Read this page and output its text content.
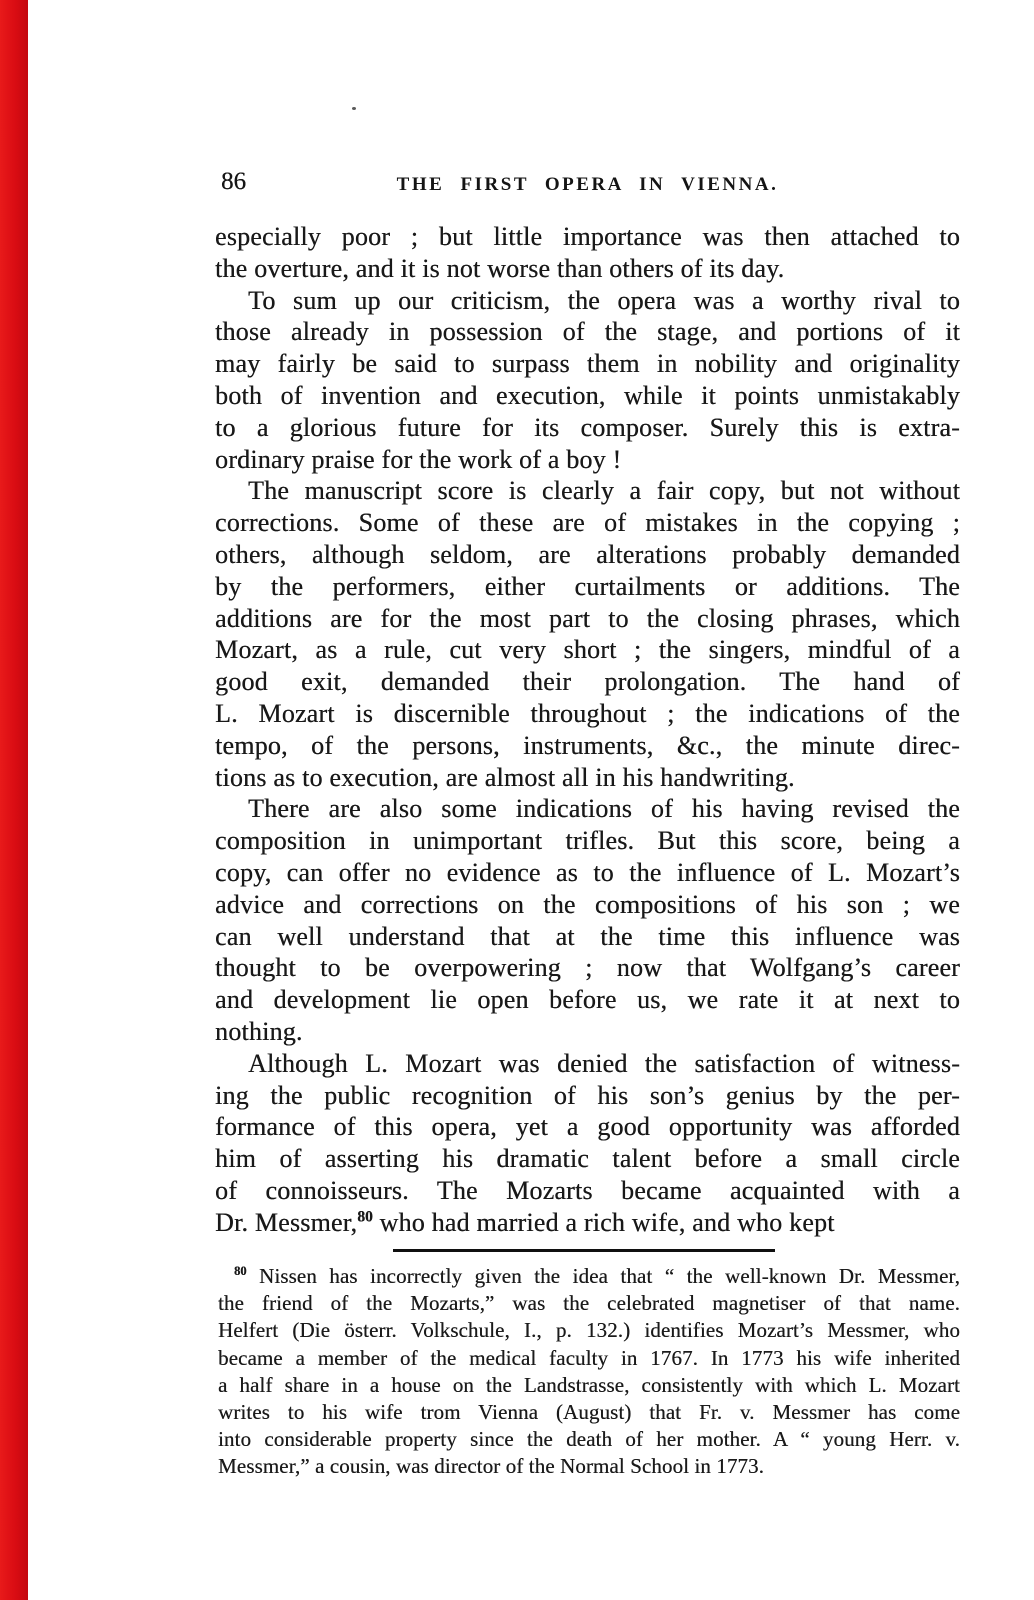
86	THE FIRST OPERA IN VIENNA.
especially poor ; but little importance was then attached to
the overture, and it is not worse than others of its day.
To sum up our criticism, the opera was a worthy rival to
those already in possession of the stage, and portions of it
may fairly be said to surpass them in nobility and originality
both of invention and execution, while it points unmistakably
to a glorious future for its composer. Surely this is extra-
ordinary praise for the work of a boy !
The manuscript score is clearly a fair copy, but not without
corrections. Some of these are of mistakes in the copying ;
others, although seldom, are alterations probably demanded
by the performers, either curtailments or additions. The
additions are for the most part to the closing phrases, which
Mozart, as a rule, cut very short ; the singers, mindful of a
good exit, demanded their prolongation. The hand of
L. Mozart is discernible throughout ; the indications of the
tempo, of the persons, instruments, &c., the minute direc-
tions as to execution, are almost all in his handwriting.
There are also some indications of his having revised the
composition in unimportant trifles. But this score, being a
copy, can offer no evidence as to the influence of L. Mozart’s
advice and corrections on the compositions of his son ; we
can well understand that at the time this influence was
thought to be overpowering ; now that Wolfgang’s career
and development lie open before us, we rate it at next to
nothing.
Although L. Mozart was denied the satisfaction of witness-
ing the public recognition of his son’s genius by the per-
formance of this opera, yet a good opportunity was afforded
him of asserting his dramatic talent before a small circle
of connoisseurs. The Mozarts became acquainted with a
Dr. Messmer,$^{80}$ who had married a rich wife, and who kept
$^{80}$ Nissen has incorrectly given the idea that “ the well-known Dr. Messmer,
the friend of the Mozarts,” was the celebrated magnetiser of that name.
Helfert (Die österr. Volkschule, I., p. 132.) identifies Mozart’s Messmer, who
became a member of the medical faculty in 1767. In 1773 his wife inherited
a half share in a house on the Landstrasse, consistently with which L. Mozart
writes to his wife trom Vienna (August) that Fr. v. Messmer has come
into considerable property since the death of her mother. A “ young Herr. v.
Messmer,” a cousin, was director of the Normal School in 1773.
